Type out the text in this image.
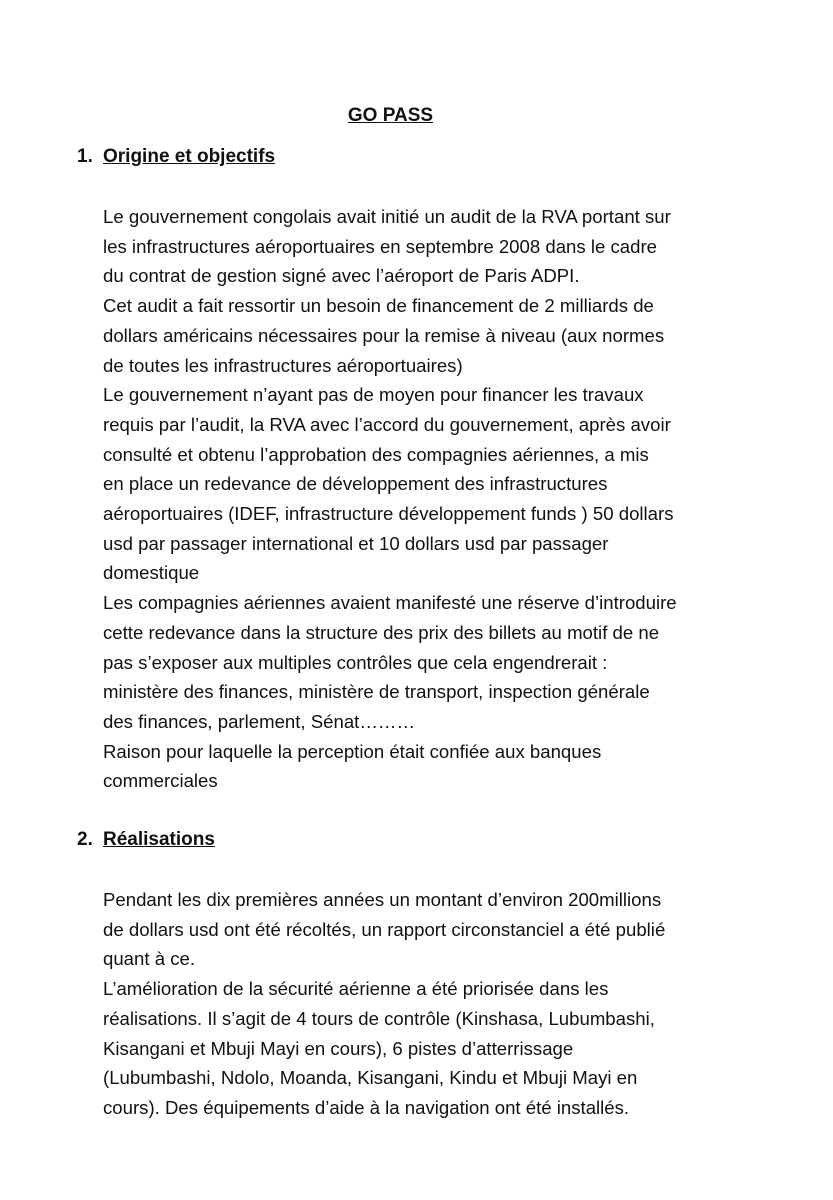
GO PASS
1. Origine et objectifs
Le gouvernement congolais avait initié un audit de la RVA portant sur
les infrastructures aéroportuaires en septembre 2008 dans le cadre
du contrat de gestion signé avec l’aéroport de Paris ADPI.
Cet audit a fait ressortir un besoin de financement de 2 milliards de
dollars américains nécessaires pour la remise à niveau (aux normes
de toutes les infrastructures aéroportuaires)
Le gouvernement n’ayant pas de moyen pour financer les travaux
requis par l’audit, la RVA avec l’accord du gouvernement, après avoir
consulté et obtenu l’approbation des compagnies aériennes, a mis
en place un redevance de développement des infrastructures
aéroportuaires (IDEF, infrastructure développement funds ) 50 dollars
usd par passager international et 10 dollars usd par passager
domestique
Les compagnies aériennes avaient manifesté une réserve d’introduire
cette redevance dans la structure des prix des billets au motif de ne
pas s’exposer aux multiples contrôles que cela engendrerait :
ministère des finances, ministère de transport, inspection générale
des finances, parlement, Sénat………
Raison pour laquelle la perception était confiée aux banques
commerciales
2. Réalisations
Pendant les dix premières années un montant d’environ 200millions
de dollars usd ont été récoltés, un rapport circonstanciel a été publié
quant à ce.
L’amélioration de la sécurité aérienne a été priorisée dans les
réalisations. Il s’agit de 4 tours de contrôle (Kinshasa, Lubumbashi,
Kisangani et Mbuji Mayi en cours), 6 pistes d’atterrissage
(Lubumbashi, Ndolo, Moanda, Kisangani, Kindu et Mbuji Mayi en
cours). Des équipements d’aide à la navigation ont été installés.
